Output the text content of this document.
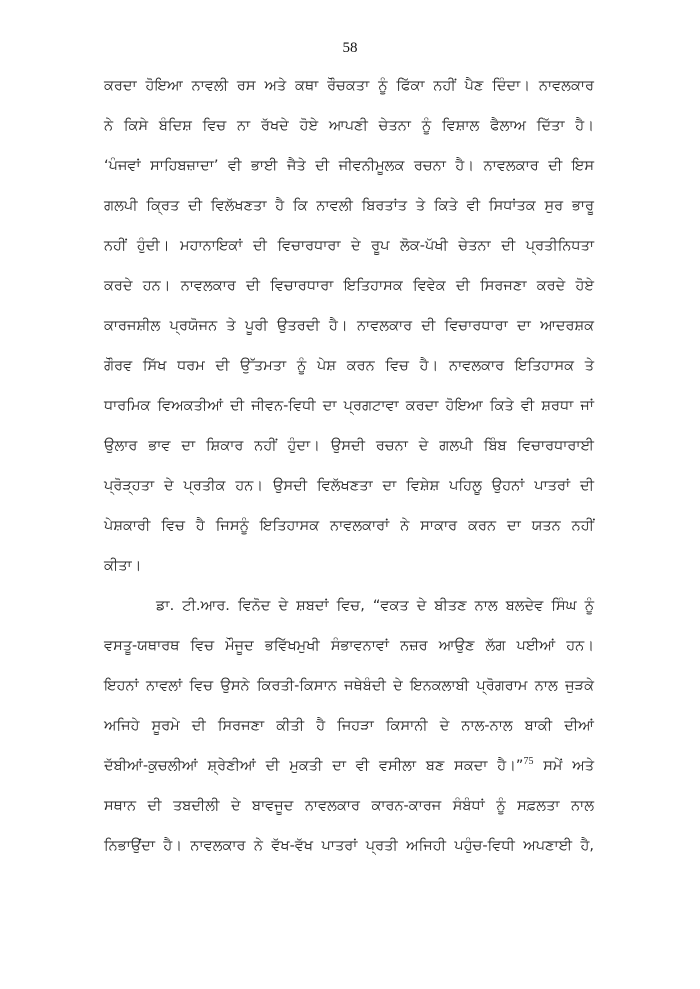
58
ਕਰਦਾ ਹੋਇਆ ਨਾਵਲੀ ਰਸ ਅਤੇ ਕਥਾ ਰੌਚਕਤਾ ਨੂੰ ਫਿੱਕਾ ਨਹੀਂ ਪੈਣ ਦਿੰਦਾ। ਨਾਵਲਕਾਰ
ਨੇ ਕਿਸੇ ਬੰਦਿਸ਼ ਵਿਚ ਨਾ ਰੱਖਦੇ ਹੋਏ ਆਪਣੀ ਚੇਤਨਾ ਨੂੰ ਵਿਸ਼ਾਲ ਫੈਲਾਅ ਦਿੱਤਾ ਹੈ।
‘ਪੰਜਵਾਂ ਸਾਹਿਬਜ਼ਾਦਾ’ ਵੀ ਭਾਈ ਜੈਤੇ ਦੀ ਜੀਵਨੀਮੂਲਕ ਰਚਨਾ ਹੈ। ਨਾਵਲਕਾਰ ਦੀ ਇਸ
ਗਲਪੀ ਕ੍ਰਿਤ ਦੀ ਵਿਲੱਖਣਤਾ ਹੈ ਕਿ ਨਾਵਲੀ ਬਿਰਤਾਂਤ ਤੇ ਕਿਤੇ ਵੀ ਸਿਧਾਂਤਕ ਸੁਰ ਭਾਰੂ
ਨਹੀਂ ਹੁੰਦੀ। ਮਹਾਨਾਇਕਾਂ ਦੀ ਵਿਚਾਰਧਾਰਾ ਦੇ ਰੂਪ ਲੋਕ-ਪੱਖੀ ਚੇਤਨਾ ਦੀ ਪ੍ਰਤੀਨਿਧਤਾ
ਕਰਦੇ ਹਨ। ਨਾਵਲਕਾਰ ਦੀ ਵਿਚਾਰਧਾਰਾ ਇਤਿਹਾਸਕ ਵਿਵੇਕ ਦੀ ਸਿਰਜਣਾ ਕਰਦੇ ਹੋਏ
ਕਾਰਜਸ਼ੀਲ ਪ੍ਰਯੋਜਨ ਤੇ ਪੂਰੀ ਉਤਰਦੀ ਹੈ। ਨਾਵਲਕਾਰ ਦੀ ਵਿਚਾਰਧਾਰਾ ਦਾ ਆਦਰਸ਼ਕ
ਗੌਰਵ ਸਿੱਖ ਧਰਮ ਦੀ ਉੱਤਮਤਾ ਨੂੰ ਪੇਸ਼ ਕਰਨ ਵਿਚ ਹੈ। ਨਾਵਲਕਾਰ ਇਤਿਹਾਸਕ ਤੇ
ਧਾਰਮਿਕ ਵਿਅਕਤੀਆਂ ਦੀ ਜੀਵਨ-ਵਿਧੀ ਦਾ ਪ੍ਰਗਟਾਵਾ ਕਰਦਾ ਹੋਇਆ ਕਿਤੇ ਵੀ ਸ਼ਰਧਾ ਜਾਂ
ਉਲਾਰ ਭਾਵ ਦਾ ਸ਼ਿਕਾਰ ਨਹੀਂ ਹੁੰਦਾ। ਉਸਦੀ ਰਚਨਾ ਦੇ ਗਲਪੀ ਬਿੰਬ ਵਿਚਾਰਧਾਰਾਈ
ਪ੍ਰੋੜ੍ਹਤਾ ਦੇ ਪ੍ਰਤੀਕ ਹਨ। ਉਸਦੀ ਵਿਲੱਖਣਤਾ ਦਾ ਵਿਸ਼ੇਸ਼ ਪਹਿਲੂ ਉਹਨਾਂ ਪਾਤਰਾਂ ਦੀ
ਪੇਸ਼ਕਾਰੀ ਵਿਚ ਹੈ ਜਿਸਨੂੰ ਇਤਿਹਾਸਕ ਨਾਵਲਕਾਰਾਂ ਨੇ ਸਾਕਾਰ ਕਰਨ ਦਾ ਯਤਨ ਨਹੀਂ
ਕੀਤਾ।
ਡਾ. ਟੀ.ਆਰ. ਵਿਨੋਦ ਦੇ ਸ਼ਬਦਾਂ ਵਿਚ, “ਵਕਤ ਦੇ ਬੀਤਣ ਨਾਲ ਬਲਦੇਵ ਸਿੰਘ ਨੂੰ
ਵਸਤੂ-ਯਥਾਰਥ ਵਿਚ ਮੌਜੂਦ ਭਵਿੱਖਮੁਖੀ ਸੰਭਾਵਨਾਵਾਂ ਨਜ਼ਰ ਆਉਣ ਲੱਗ ਪਈਆਂ ਹਨ।
ਇਹਨਾਂ ਨਾਵਲਾਂ ਵਿਚ ਉਸਨੇ ਕਿਰਤੀ-ਕਿਸਾਨ ਜਥੇਬੰਦੀ ਦੇ ਇਨਕਲਾਬੀ ਪ੍ਰੋਗਰਾਮ ਨਾਲ ਜੁੜਕੇ
ਅਜਿਹੇ ਸੂਰਮੇ ਦੀ ਸਿਰਜਣਾ ਕੀਤੀ ਹੈ ਜਿਹੜਾ ਕਿਸਾਨੀ ਦੇ ਨਾਲ-ਨਾਲ ਬਾਕੀ ਦੀਆਂ
ਦੱਬੀਆਂ-ਕੁਚਲੀਆਂ ਸ਼੍ਰੇਣੀਆਂ ਦੀ ਮੁਕਤੀ ਦਾ ਵੀ ਵਸੀਲਾ ਬਣ ਸਕਦਾ ਹੈ।”$^{75}$ ਸਮੇਂ ਅਤੇ
ਸਥਾਨ ਦੀ ਤਬਦੀਲੀ ਦੇ ਬਾਵਜੂਦ ਨਾਵਲਕਾਰ ਕਾਰਨ-ਕਾਰਜ ਸੰਬੰਧਾਂ ਨੂੰ ਸਫ਼ਲਤਾ ਨਾਲ
ਨਿਭਾਉਂਦਾ ਹੈ। ਨਾਵਲਕਾਰ ਨੇ ਵੱਖ-ਵੱਖ ਪਾਤਰਾਂ ਪ੍ਰਤੀ ਅਜਿਹੀ ਪਹੁੰਚ-ਵਿਧੀ ਅਪਣਾਈ ਹੈ,
